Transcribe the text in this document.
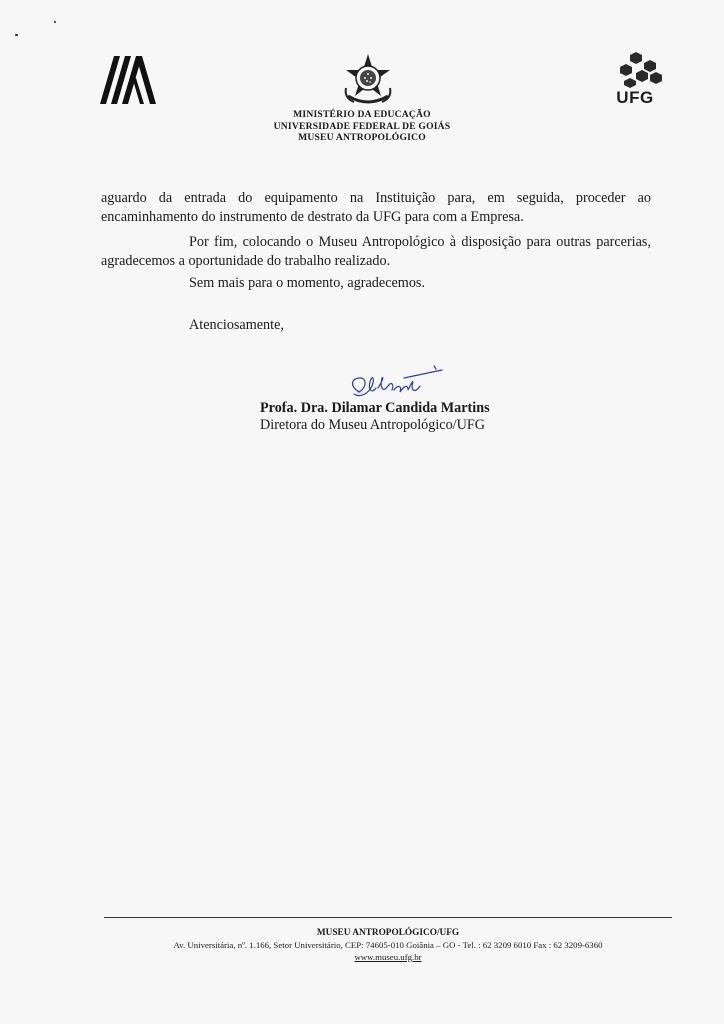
UFG
MINISTÉRIO DA EDUCAÇÃO
UNIVERSIDADE FEDERAL DE GOIÁS
MUSEU ANTROPOLÓGICO
aguardo da entrada do equipamento na Instituição para, em seguida, proceder ao encaminhamento do instrumento de destrato da UFG para com a Empresa.
Por fim, colocando o Museu Antropológico à disposição para outras parcerias, agradecemos a oportunidade do trabalho realizado.
Sem mais para o momento, agradecemos.
Atenciosamente,
Profa. Dra. Dilamar Candida Martins
Diretora do Museu Antropológico/UFG
MUSEU ANTROPOLÓGICO/UFG
Av. Universitária, nº. 1.166, Setor Universitário, CEP: 74605-010 Goiânia – GO - Tel. : 62 3209 6010 Fax : 62 3209-6360
www.museu.ufg.br
